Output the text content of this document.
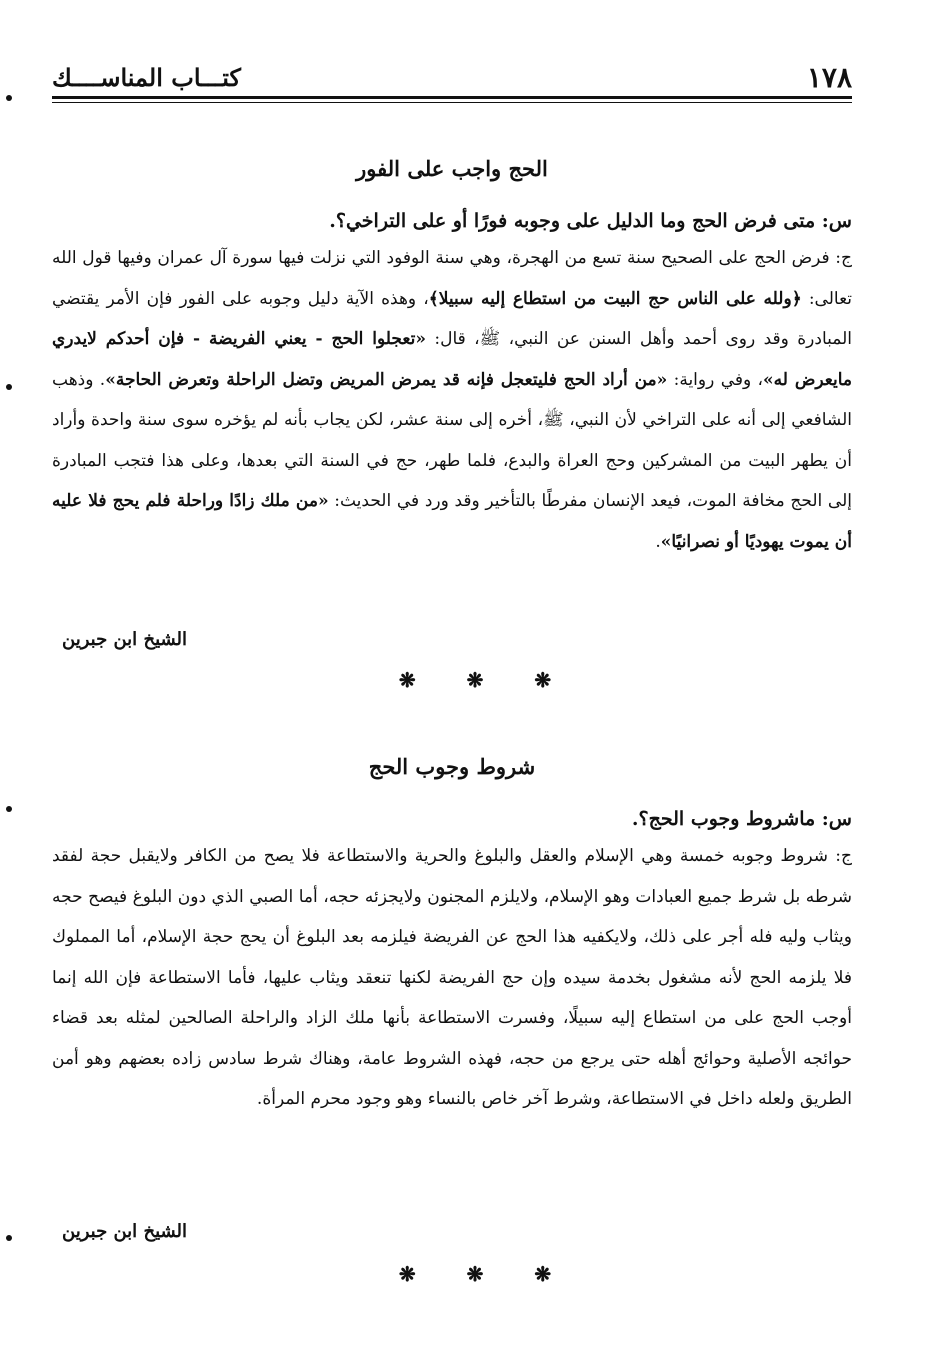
١٧٨
كتـــاب المناســــك
الحج واجب على الفور

س: متى فرض الحج وما الدليل على وجوبه فورًا أو على التراخي؟.

ج: فرض الحج على الصحيح سنة تسع من الهجرة، وهي سنة الوفود التي نزلت فيها سورة آل عمران وفيها قول الله تعالى: ﴿ولله على الناس حج البيت من استطاع إليه سبيلا﴾، وهذه الآية دليل وجوبه على الفور فإن الأمر يقتضي المبادرة وقد روى أحمد وأهل السنن عن النبي، ﷺ، قال: «تعجلوا الحج - يعني الفريضة - فإن أحدكم لايدري مايعرض له»، وفي رواية: «من أراد الحج فليتعجل فإنه قد يمرض المريض وتضل الراحلة وتعرض الحاجة». وذهب الشافعي إلى أنه على التراخي لأن النبي، ﷺ، أخره إلى سنة عشر، لكن يجاب بأنه لم يؤخره سوى سنة واحدة وأراد أن يطهر البيت من المشركين وحج العراة والبدع، فلما طهر، حج في السنة التي بعدها، وعلى هذا فتجب المبادرة إلى الحج مخافة الموت، فيعد الإنسان مفرطًا بالتأخير وقد ورد في الحديث: «من ملك زادًا وراحلة فلم يحج فلا عليه أن يموت يهوديًا أو نصرانيًا».

الشيخ ابن جبرين
❋ ❋ ❋
شروط وجوب الحج

س: ماشروط وجوب الحج؟.

ج: شروط وجوبه خمسة وهي الإسلام والعقل والبلوغ والحرية والاستطاعة فلا يصح من الكافر ولايقبل حجة لفقد شرطه بل شرط جميع العبادات وهو الإسلام، ولايلزم المجنون ولايجزئه حجه، أما الصبي الذي دون البلوغ فيصح حجه ويثاب وليه فله أجر على ذلك، ولايكفيه هذا الحج عن الفريضة فيلزمه بعد البلوغ أن يحج حجة الإسلام، أما المملوك فلا يلزمه الحج لأنه مشغول بخدمة سيده وإن حج الفريضة لكنها تنعقد ويثاب عليها، فأما الاستطاعة فإن الله إنما أوجب الحج على من استطاع إليه سبيلًا، وفسرت الاستطاعة بأنها ملك الزاد والراحلة الصالحين لمثله بعد قضاء حوائجه الأصلية وحوائج أهله حتى يرجع من حجه، فهذه الشروط عامة، وهناك شرط سادس زاده بعضهم وهو أمن الطريق ولعله داخل في الاستطاعة، وشرط آخر خاص بالنساء وهو وجود محرم المرأة.

الشيخ ابن جبرين
❋ ❋ ❋
